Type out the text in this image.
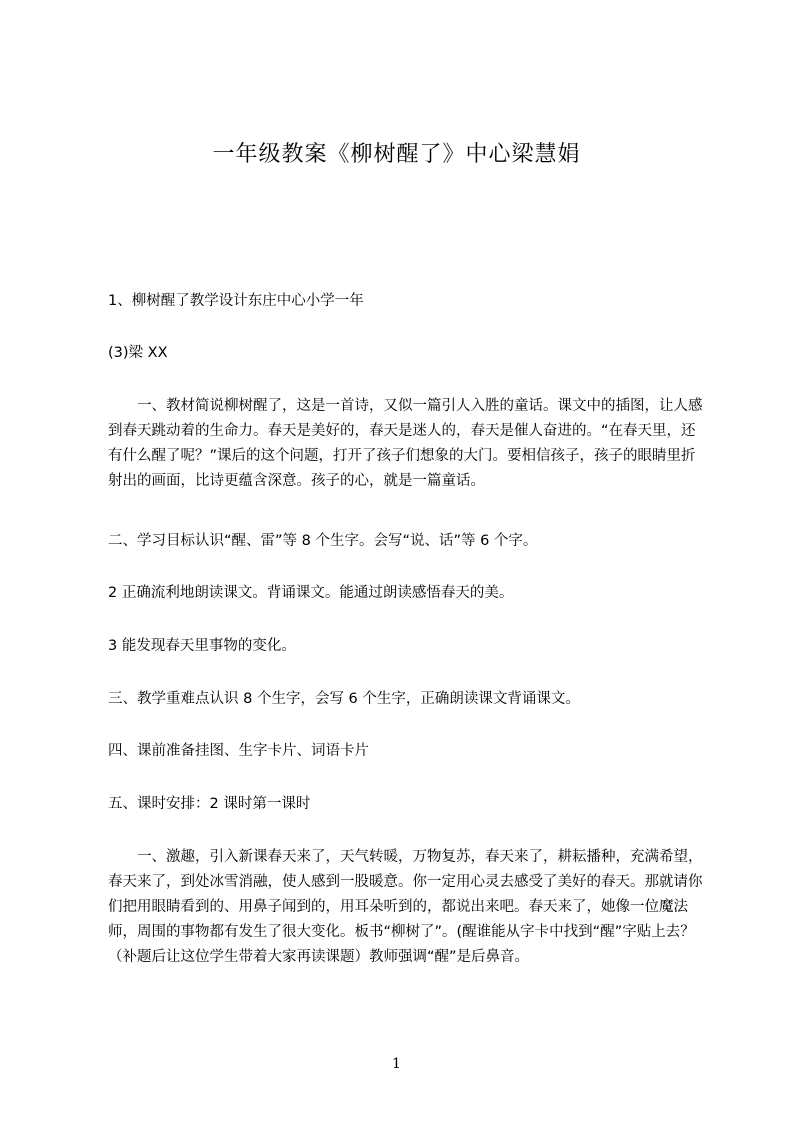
一年级教案《柳树醒了》中心梁慧娟

1、柳树醒了教学设计东庄中心小学一年

(3)梁 XX

一、教材简说柳树醒了，这是一首诗，又似一篇引人入胜的童话。课文中的插图，让人感到春天跳动着的生命力。春天是美好的，春天是迷人的，春天是催人奋进的。“在春天里，还有什么醒了呢？”课后的这个问题，打开了孩子们想象的大门。要相信孩子，孩子的眼睛里折射出的画面，比诗更蕴含深意。孩子的心，就是一篇童话。

二、学习目标认识“醒、雷”等 8 个生字。会写“说、话”等 6 个字。

2 正确流利地朗读课文。背诵课文。能通过朗读感悟春天的美。

3 能发现春天里事物的变化。

三、教学重难点认识 8 个生字，会写 6 个生字，正确朗读课文背诵课文。

四、课前准备挂图、生字卡片、词语卡片

五、课时安排：2 课时第一课时

一、激趣，引入新课春天来了，天气转暖，万物复苏，春天来了，耕耘播种，充满希望，春天来了，到处冰雪消融，使人感到一股暖意。你一定用心灵去感受了美好的春天。那就请你们把用眼睛看到的、用鼻子闻到的，用耳朵听到的，都说出来吧。春天来了，她像一位魔法师，周围的事物都有发生了很大变化。板书“柳树了”。(醒谁能从字卡中找到“醒”字贴上去？（补题后让这位学生带着大家再读课题）教师强调“醒”是后鼻音。

1
